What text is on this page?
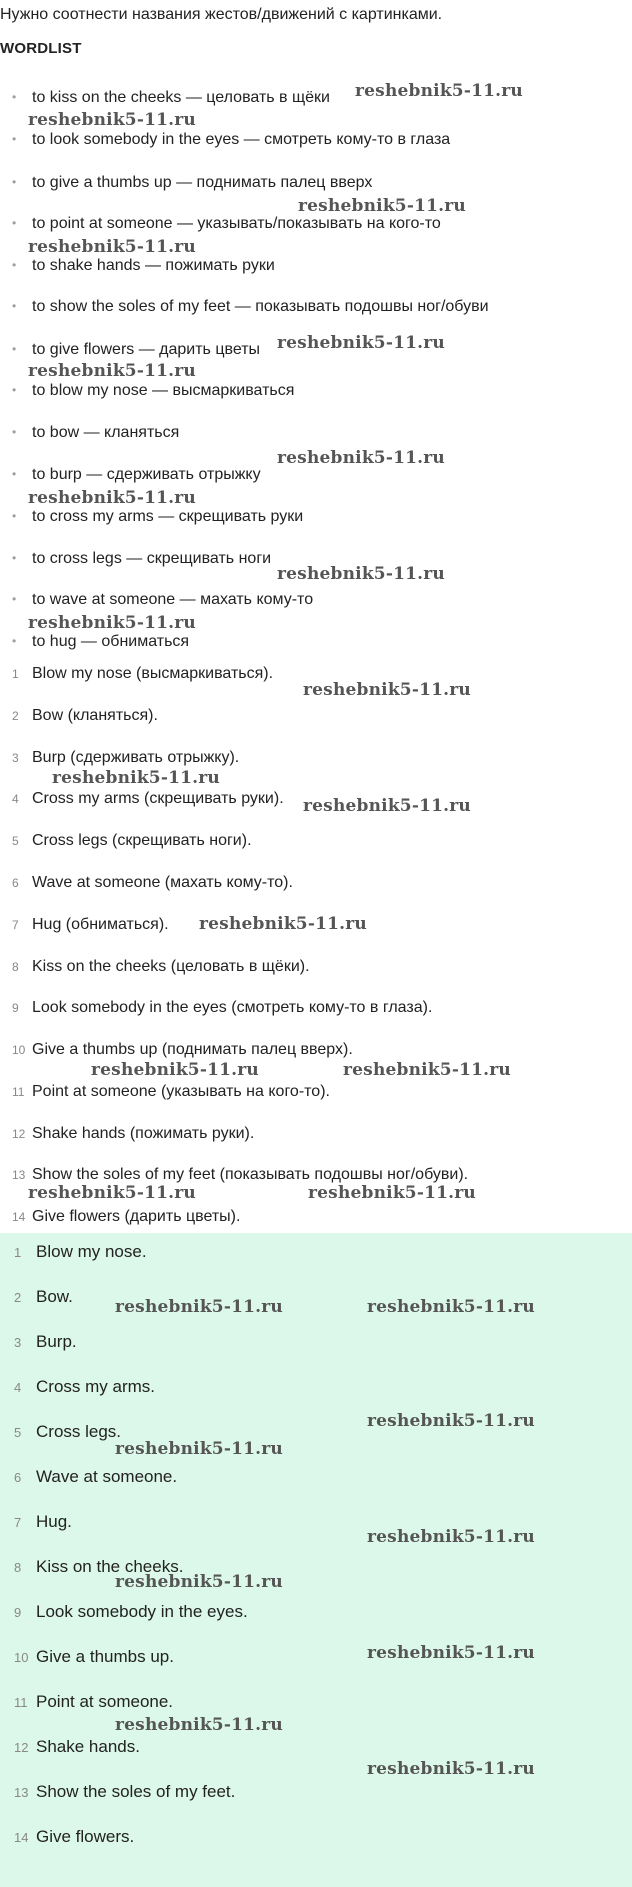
Нужно соотнести названия жестов/движений с картинками.
WORDLIST
• to kiss on the cheeks — целовать в щёки
• to look somebody in the eyes — смотреть кому-то в глаза
• to give a thumbs up — поднимать палец вверх
• to point at someone — указывать/показывать на кого-то
• to shake hands — пожимать руки
• to show the soles of my feet — показывать подошвы ног/обуви
• to give flowers — дарить цветы
• to blow my nose — высмаркиваться
• to bow — кланяться
• to burp — сдерживать отрыжку
• to cross my arms — скрещивать руки
• to cross legs — скрещивать ноги
• to wave at someone — махать кому-то
• to hug — обниматься
1 Blow my nose (высмаркиваться).
2 Bow (кланяться).
3 Burp (сдерживать отрыжку).
4 Cross my arms (скрещивать руки).
5 Cross legs (скрещивать ноги).
6 Wave at someone (махать кому-то).
7 Hug (обниматься).
8 Kiss on the cheeks (целовать в щёки).
9 Look somebody in the eyes (смотреть кому-то в глаза).
10 Give a thumbs up (поднимать палец вверх).
11 Point at someone (указывать на кого-то).
12 Shake hands (пожимать руки).
13 Show the soles of my feet (показывать подошвы ног/обуви).
14 Give flowers (дарить цветы).
1 Blow my nose.
2 Bow.
3 Burp.
4 Cross my arms.
5 Cross legs.
6 Wave at someone.
7 Hug.
8 Kiss on the cheeks.
9 Look somebody in the eyes.
10 Give a thumbs up.
11 Point at someone.
12 Shake hands.
13 Show the soles of my feet.
14 Give flowers.
reshebnik5-11.ru
reshebnik5-11.ru
reshebnik5-11.ru
reshebnik5-11.ru
reshebnik5-11.ru
reshebnik5-11.ru
reshebnik5-11.ru
reshebnik5-11.ru
reshebnik5-11.ru
reshebnik5-11.ru
reshebnik5-11.ru
reshebnik5-11.ru
reshebnik5-11.ru
reshebnik5-11.ru
reshebnik5-11.ru	reshebnik5-11.ru
reshebnik5-11.ru	reshebnik5-11.ru
reshebnik5-11.ru	reshebnik5-11.ru
reshebnik5-11.ru
reshebnik5-11.ru
reshebnik5-11.ru
reshebnik5-11.ru
reshebnik5-11.ru
reshebnik5-11.ru
reshebnik5-11.ru
